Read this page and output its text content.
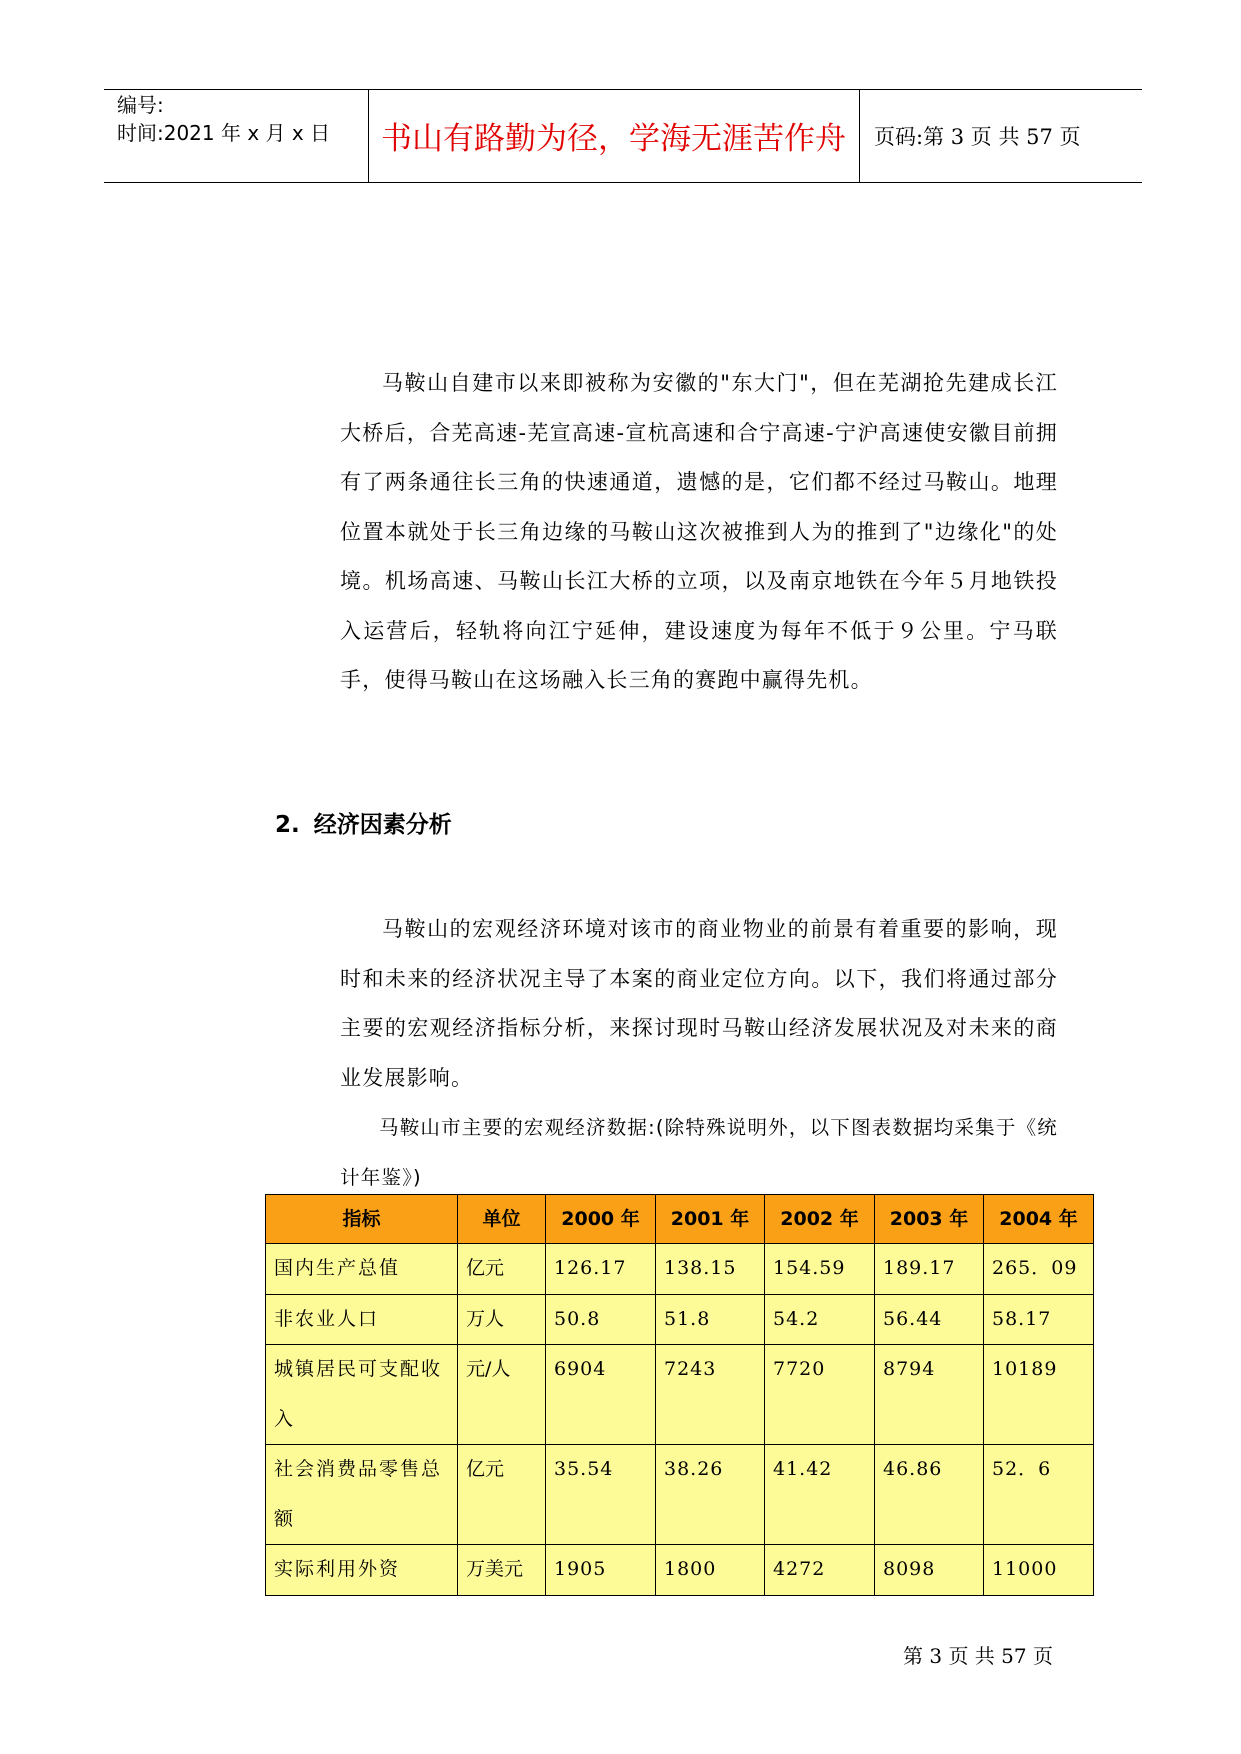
编号:
时间:2021 年 x 月 x 日	书山有路勤为径，学海无涯苦作舟	页码:第 3 页 共 57 页

马鞍山自建市以来即被称为安徽的"东大门"，但在芜湖抢先建成长江大桥后，合芜高速-芜宣高速-宣杭高速和合宁高速-宁沪高速使安徽目前拥有了两条通往长三角的快速通道，遗憾的是，它们都不经过马鞍山。地理位置本就处于长三角边缘的马鞍山这次被推到人为的推到了"边缘化"的处境。机场高速、马鞍山长江大桥的立项，以及南京地铁在今年５月地铁投入运营后，轻轨将向江宁延伸，建设速度为每年不低于９公里。宁马联手，使得马鞍山在这场融入长三角的赛跑中赢得先机。

2. 经济因素分析

马鞍山的宏观经济环境对该市的商业物业的前景有着重要的影响，现时和未来的经济状况主导了本案的商业定位方向。以下，我们将通过部分主要的宏观经济指标分析，来探讨现时马鞍山经济发展状况及对未来的商业发展影响。

马鞍山市主要的宏观经济数据:(除特殊说明外，以下图表数据均采集于《统计年鉴》)

指标	单位	2000 年	2001 年	2002 年	2003 年	2004 年
国内生产总值	亿元	126.17	138.15	154.59	189.17	265．09
非农业人口	万人	50.8	51.8	54.2	56.44	58.17
城镇居民可支配收入	元/人	6904	7243	7720	8794	10189
社会消费品零售总额	亿元	35.54	38.26	41.42	46.86	52．6
实际利用外资	万美元	1905	1800	4272	8098	11000
第 3 页 共 57 页
